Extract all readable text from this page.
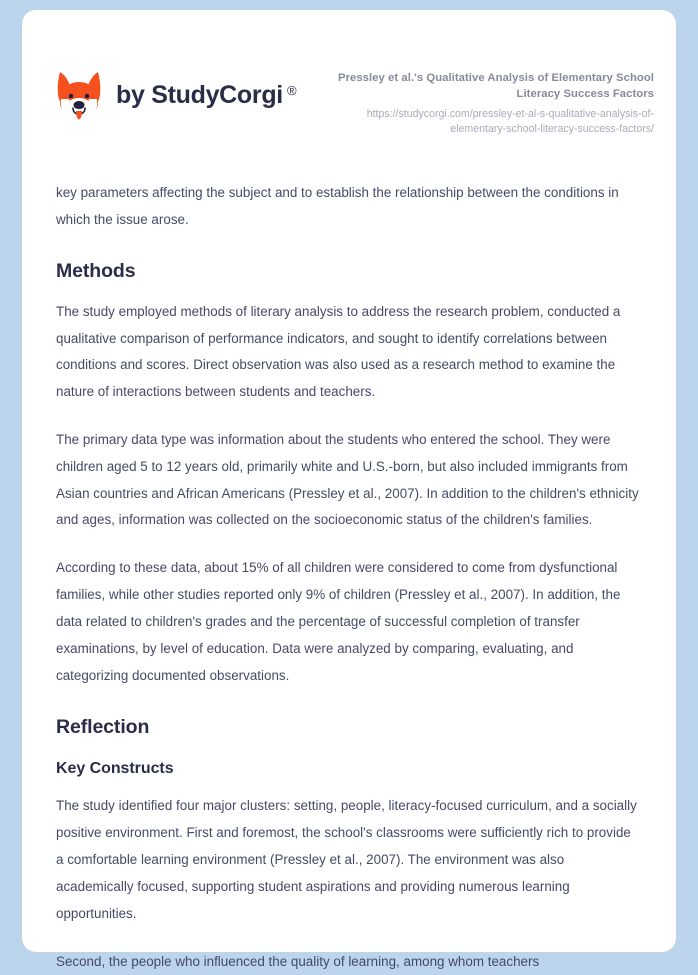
by StudyCorgi ®

Pressley et al.'s Qualitative Analysis of Elementary School Literacy Success Factors

https://studycorgi.com/pressley-et-al-s-qualitative-analysis-of-elementary-school-literacy-success-factors/

key parameters affecting the subject and to establish the relationship between the conditions in which the issue arose.

Methods

The study employed methods of literary analysis to address the research problem, conducted a qualitative comparison of performance indicators, and sought to identify correlations between conditions and scores. Direct observation was also used as a research method to examine the nature of interactions between students and teachers.

The primary data type was information about the students who entered the school. They were children aged 5 to 12 years old, primarily white and U.S.-born, but also included immigrants from Asian countries and African Americans (Pressley et al., 2007). In addition to the children's ethnicity and ages, information was collected on the socioeconomic status of the children's families.

According to these data, about 15% of all children were considered to come from dysfunctional families, while other studies reported only 9% of children (Pressley et al., 2007). In addition, the data related to children's grades and the percentage of successful completion of transfer examinations, by level of education. Data were analyzed by comparing, evaluating, and categorizing documented observations.

Reflection
Key Constructs

The study identified four major clusters: setting, people, literacy-focused curriculum, and a socially positive environment. First and foremost, the school's classrooms were sufficiently rich to provide a comfortable learning environment (Pressley et al., 2007). The environment was also academically focused, supporting student aspirations and providing numerous learning opportunities.

Second, the people who influenced the quality of learning, among whom teachers
